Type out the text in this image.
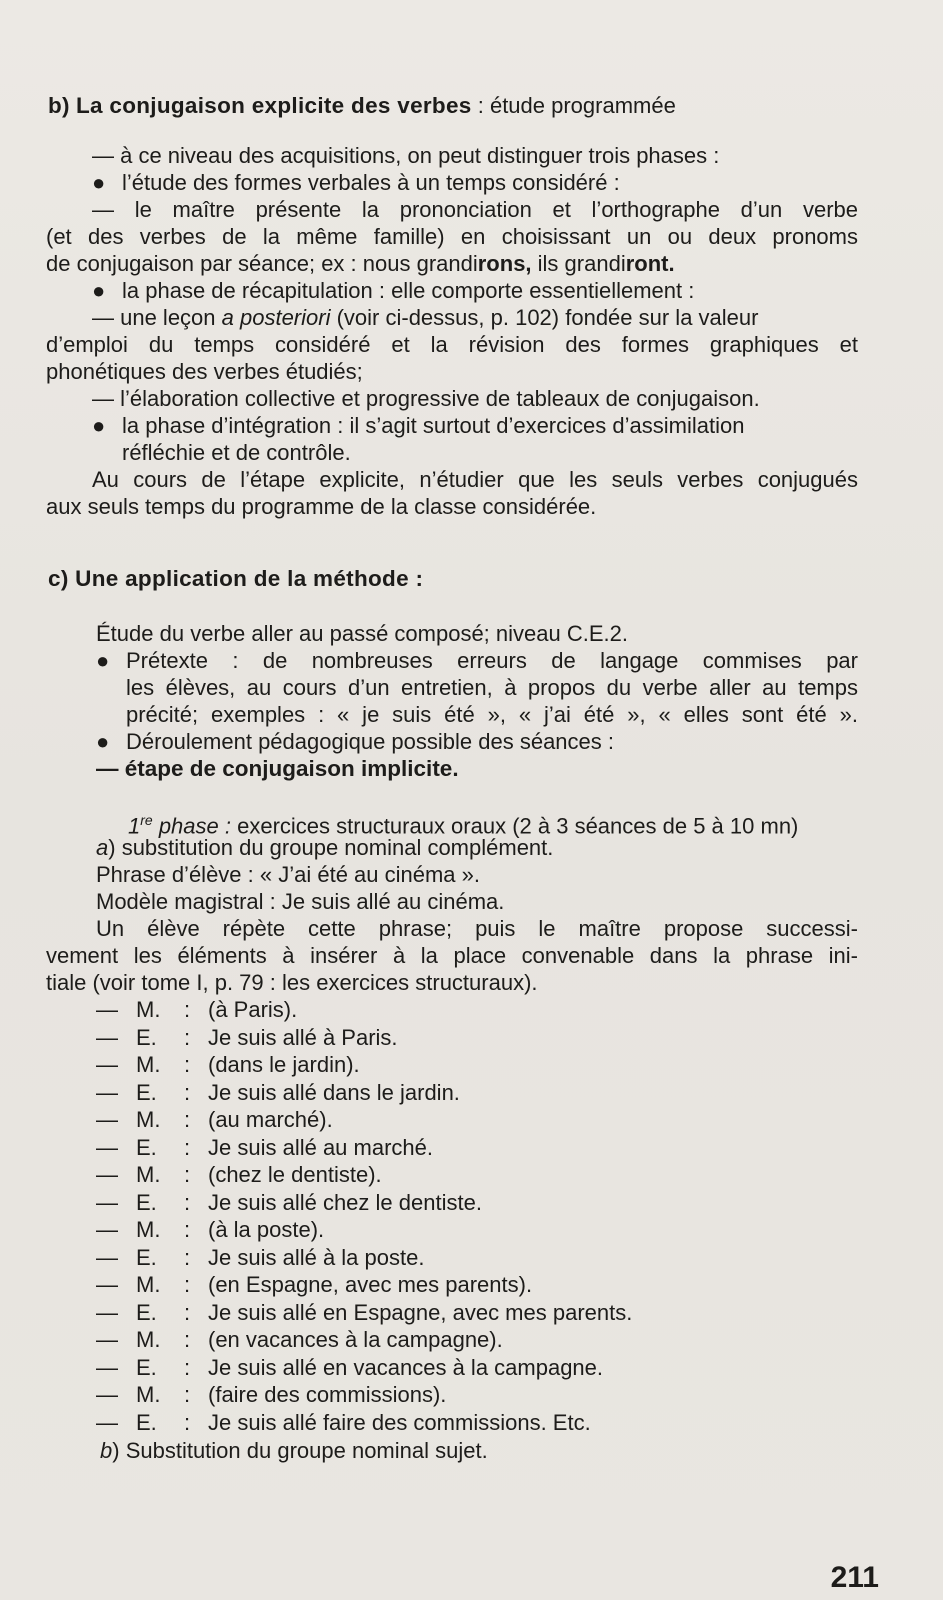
b) La conjugaison explicite des verbes : étude programmée
— à ce niveau des acquisitions, on peut distinguer trois phases :
● l’étude des formes verbales à un temps considéré :
— le maître présente la prononciation et l’orthographe d’un verbe
(et des verbes de la même famille) en choisissant un ou deux pronoms
de conjugaison par séance; ex : nous grandirons, ils grandiront.
● la phase de récapitulation : elle comporte essentiellement :
— une leçon a posteriori (voir ci-dessus, p. 102) fondée sur la valeur
d’emploi du temps considéré et la révision des formes graphiques et
phonétiques des verbes étudiés;
— l’élaboration collective et progressive de tableaux de conjugaison.
● la phase d’intégration : il s’agit surtout d’exercices d’assimilation
réfléchie et de contrôle.
Au cours de l’étape explicite, n’étudier que les seuls verbes conjugués
aux seuls temps du programme de la classe considérée.
c) Une application de la méthode :
Étude du verbe aller au passé composé; niveau C.E.2.
● Prétexte : de nombreuses erreurs de langage commises par
les élèves, au cours d’un entretien, à propos du verbe aller au temps
précité; exemples : « je suis été », « j’ai été », « elles sont été ».
● Déroulement pédagogique possible des séances :
— étape de conjugaison implicite.
1re phase : exercices structuraux oraux (2 à 3 séances de 5 à 10 mn)
a) substitution du groupe nominal complément.
Phrase d’élève : « J’ai été au cinéma ».
Modèle magistral : Je suis allé au cinéma.
Un élève répète cette phrase; puis le maître propose successi-
vement les éléments à insérer à la place convenable dans la phrase ini-
tiale (voir tome I, p. 79 : les exercices structuraux).
— M. : (à Paris).
— E. : Je suis allé à Paris.
— M. : (dans le jardin).
— E. : Je suis allé dans le jardin.
— M. : (au marché).
— E. : Je suis allé au marché.
— M. : (chez le dentiste).
— E. : Je suis allé chez le dentiste.
— M. : (à la poste).
— E. : Je suis allé à la poste.
— M. : (en Espagne, avec mes parents).
— E. : Je suis allé en Espagne, avec mes parents.
— M. : (en vacances à la campagne).
— E. : Je suis allé en vacances à la campagne.
— M. : (faire des commissions).
— E. : Je suis allé faire des commissions. Etc.
b) Substitution du groupe nominal sujet.
211
